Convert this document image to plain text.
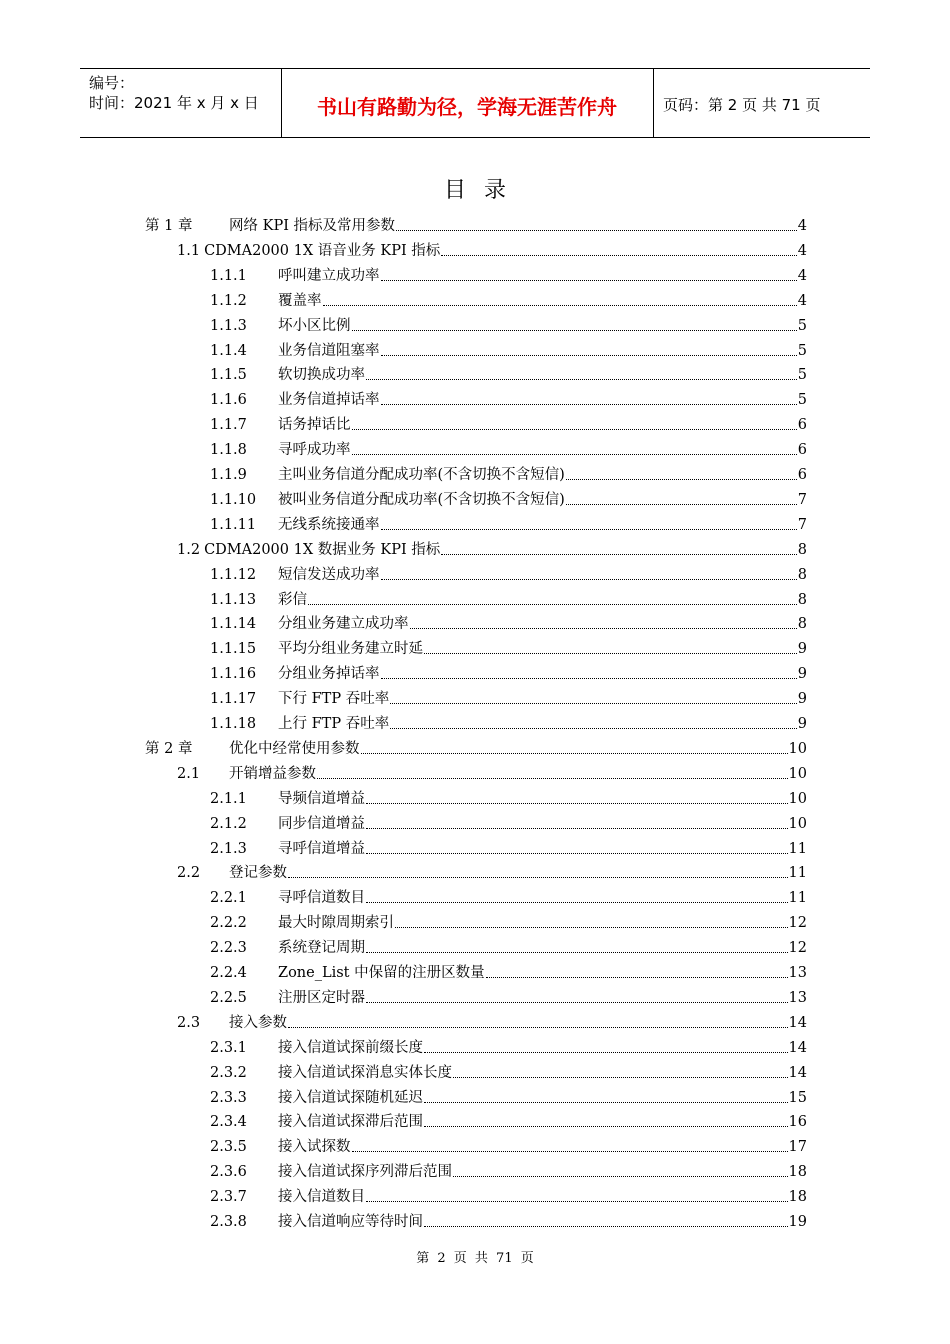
编号：
时间：2021 年 x 月 x 日	书山有路勤为径，学海无涯苦作舟	页码：第 2 页 共 71 页
目录
第 1 章	网络 KPI 指标及常用参数	4
1.1 CDMA2000 1X 语音业务 KPI 指标	4
1.1.1	呼叫建立成功率	4
1.1.2	覆盖率	4
1.1.3	坏小区比例	5
1.1.4	业务信道阻塞率	5
1.1.5	软切换成功率	5
1.1.6	业务信道掉话率	5
1.1.7	话务掉话比	6
1.1.8	寻呼成功率	6
1.1.9	主叫业务信道分配成功率(不含切换不含短信)	6
1.1.10	被叫业务信道分配成功率(不含切换不含短信)	7
1.1.11	无线系统接通率	7
1.2 CDMA2000 1X 数据业务 KPI 指标	8
1.1.12	短信发送成功率	8
1.1.13	彩信	8
1.1.14	分组业务建立成功率	8
1.1.15	平均分组业务建立时延	9
1.1.16	分组业务掉话率	9
1.1.17	下行 FTP 吞吐率	9
1.1.18	上行 FTP 吞吐率	9
第 2 章	优化中经常使用参数	10
2.1	开销增益参数	10
2.1.1	导频信道增益	10
2.1.2	同步信道增益	10
2.1.3	寻呼信道增益	11
2.2	登记参数	11
2.2.1	寻呼信道数目	11
2.2.2	最大时隙周期索引	12
2.2.3	系统登记周期	12
2.2.4	Zone_List 中保留的注册区数量	13
2.2.5	注册区定时器	13
2.3	接入参数	14
2.3.1	接入信道试探前缀长度	14
2.3.2	接入信道试探消息实体长度	14
2.3.3	接入信道试探随机延迟	15
2.3.4	接入信道试探滞后范围	16
2.3.5	接入试探数	17
2.3.6	接入信道试探序列滞后范围	18
2.3.7	接入信道数目	18
2.3.8	接入信道响应等待时间	19
第 2 页 共 71 页
